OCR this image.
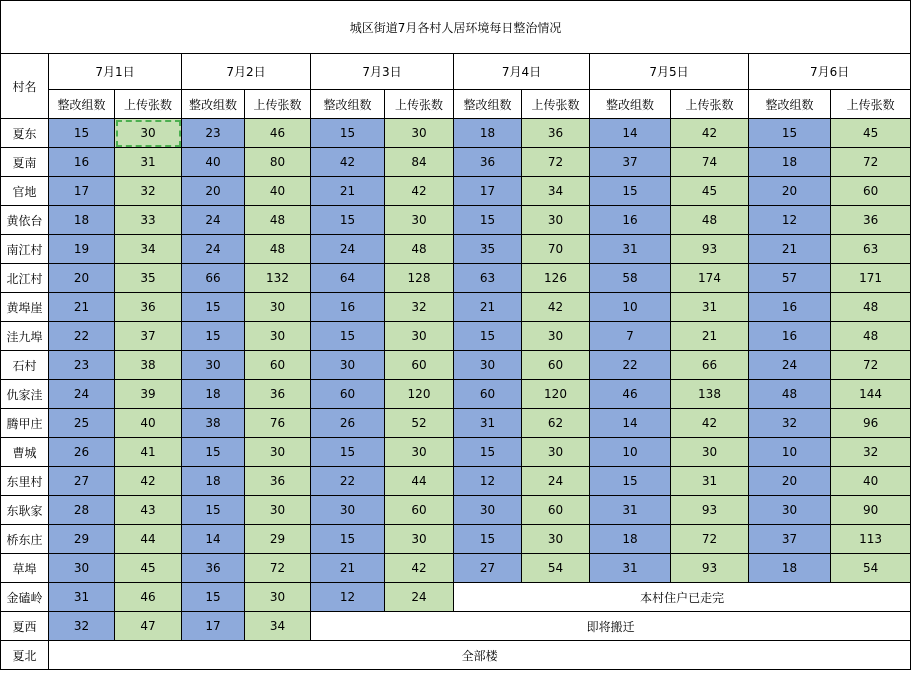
城区街道7月各村人居环境每日整治情况												
村名	7月1日		7月2日		7月3日		7月4日		7月5日		7月6日	
	整改组数	上传张数	整改组数	上传张数	整改组数	上传张数	整改组数	上传张数	整改组数	上传张数	整改组数	上传张数
夏东	15	30	23	46	15	30	18	36	14	42	15	45
夏南	16	31	40	80	42	84	36	72	37	74	18	72
官地	17	32	20	40	21	42	17	34	15	45	20	60
黄依台	18	33	24	48	15	30	15	30	16	48	12	36
南江村	19	34	24	48	24	48	35	70	31	93	21	63
北江村	20	35	66	132	64	128	63	126	58	174	57	171
黄埠崖	21	36	15	30	16	32	21	42	10	31	16	48
洼九埠	22	37	15	30	15	30	15	30	7	21	16	48
石村	23	38	30	60	30	60	30	60	22	66	24	72
仇家洼	24	39	18	36	60	120	60	120	46	138	48	144
腾甲庄	25	40	38	76	26	52	31	62	14	42	32	96
曹城	26	41	15	30	15	30	15	30	10	30	10	32
东里村	27	42	18	36	22	44	12	24	15	31	20	40
东耿家	28	43	15	30	30	60	30	60	31	93	30	90
桥东庄	29	44	14	29	15	30	15	30	18	72	37	113
草埠	30	45	36	72	21	42	27	54	31	93	18	54
金磕岭	31	46	15	30	12	24	本村住户已走完					
夏西	32	47	17	34	即将搬迁							
夏北	全部楼											
